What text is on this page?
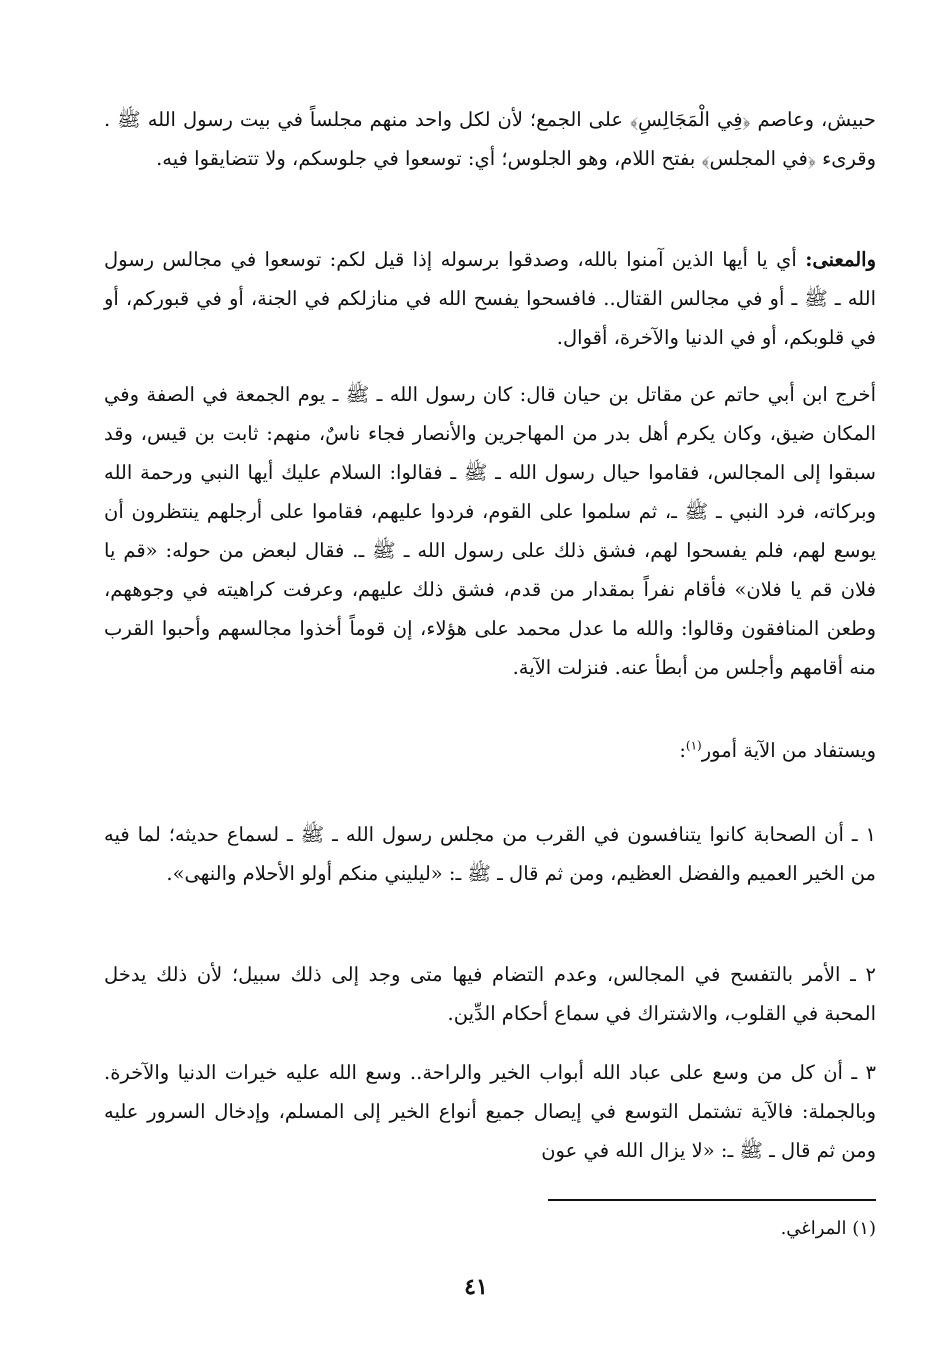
حبيش، وعاصم ﴿فِي الْمَجَالِسِ﴾ على الجمع؛ لأن لكل واحد منهم مجلساً في بيت رسول الله ﷺ . وقرىء ﴿في المجلس﴾ بفتح اللام، وهو الجلوس؛ أي: توسعوا في جلوسكم، ولا تتضايقوا فيه.

والمعنى: أي يا أيها الذين آمنوا بالله، وصدقوا برسوله إذا قيل لكم: توسعوا في مجالس رسول الله ـ ﷺ ـ أو في مجالس القتال.. فافسحوا يفسح الله في منازلكم في الجنة، أو في قبوركم، أو في قلوبكم، أو في الدنيا والآخرة، أقوال.

أخرج ابن أبي حاتم عن مقاتل بن حيان قال: كان رسول الله ـ ﷺ ـ يوم الجمعة في الصفة وفي المكان ضيق، وكان يكرم أهل بدر من المهاجرين والأنصار فجاء ناسٌ، منهم: ثابت بن قيس، وقد سبقوا إلى المجالس، فقاموا حيال رسول الله ـ ﷺ ـ فقالوا: السلام عليك أيها النبي ورحمة الله وبركاته، فرد النبي ـ ﷺ ـ، ثم سلموا على القوم، فردوا عليهم، فقاموا على أرجلهم ينتظرون أن يوسع لهم، فلم يفسحوا لهم، فشق ذلك على رسول الله ـ ﷺ ـ. فقال لبعض من حوله: «قم يا فلان قم يا فلان» فأقام نفراً بمقدار من قدم، فشق ذلك عليهم، وعرفت كراهيته في وجوههم، وطعن المنافقون وقالوا: والله ما عدل محمد على هؤلاء، إن قوماً أخذوا مجالسهم وأحبوا القرب منه أقامهم وأجلس من أبطأ عنه. فنزلت الآية.

ويستفاد من الآية أمور$^{(١)}$:

١ ـ أن الصحابة كانوا يتنافسون في القرب من مجلس رسول الله ـ ﷺ ـ لسماع حديثه؛ لما فيه من الخير العميم والفضل العظيم، ومن ثم قال ـ ﷺ ـ: «ليليني منكم أولو الأحلام والنهى».

٢ ـ الأمر بالتفسح في المجالس، وعدم التضام فيها متى وجد إلى ذلك سبيل؛ لأن ذلك يدخل المحبة في القلوب، والاشتراك في سماع أحكام الدِّين.

٣ ـ أن كل من وسع على عباد الله أبواب الخير والراحة.. وسع الله عليه خيرات الدنيا والآخرة. وبالجملة: فالآية تشتمل التوسع في إيصال جميع أنواع الخير إلى المسلم، وإدخال السرور عليه ومن ثم قال ـ ﷺ ـ: «لا يزال الله في عون

(١) المراغي.
٤١
